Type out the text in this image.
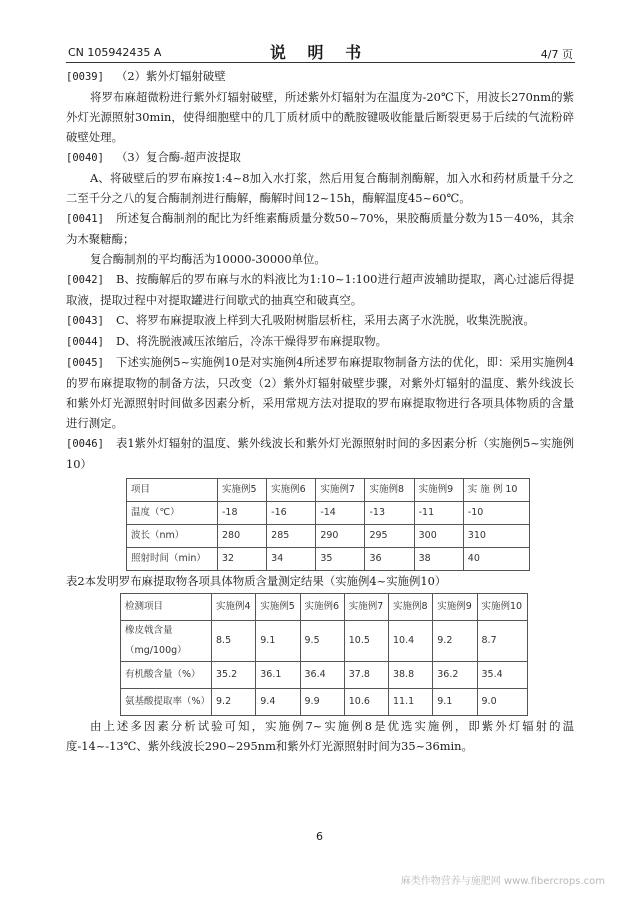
CN 105942435 A	说 明 书	4/7 页

[0039] （2）紫外灯辐射破壁

将罗布麻超微粉进行紫外灯辐射破壁，所述紫外灯辐射为在温度为-20℃下，用波长270nm的紫外灯光源照射30min，使得细胞壁中的几丁质材质中的酰胺键吸收能量后断裂更易于后续的气流粉碎破壁处理。

[0040] （3）复合酶-超声波提取

A、将破壁后的罗布麻按1:4~8加入水打浆，然后用复合酶制剂酶解，加入水和药材质量千分之二至千分之八的复合酶制剂进行酶解，酶解时间12~15h，酶解温度45~60℃。

[0041] 所述复合酶制剂的配比为纤维素酶质量分数50~70%，果胶酶质量分数为15－40%，其余为木聚糖酶；

复合酶制剂的平均酶活为10000-30000单位。

[0042] B、按酶解后的罗布麻与水的料液比为1:10~1:100进行超声波辅助提取，离心过滤后得提取液，提取过程中对提取罐进行间歇式的抽真空和破真空。

[0043] C、将罗布麻提取液上样到大孔吸附树脂层析柱，采用去离子水洗脱，收集洗脱液。

[0044] D、将洗脱液减压浓缩后，冷冻干燥得罗布麻提取物。

[0045] 下述实施例5~实施例10是对实施例4所述罗布麻提取物制备方法的优化，即：采用实施例4的罗布麻提取物的制备方法，只改变（2）紫外灯辐射破壁步骤，对紫外灯辐射的温度、紫外线波长和紫外灯光源照射时间做多因素分析，采用常规方法对提取的罗布麻提取物进行各项具体物质的含量进行测定。

[0046] 表1紫外灯辐射的温度、紫外线波长和紫外灯光源照射时间的多因素分析（实施例5~实施例10）

项目	实施例5	实施例6	实施例7	实施例8	实施例9	实 施 例 10
温度（℃）	-18	-16	-14	-13	-11	-10
波长（nm）	280	285	290	295	300	310
照射时间（min）	32	34	35	36	38	40

表2本发明罗布麻提取物各项具体物质含量测定结果（实施例4~实施例10）

检测项目	实施例4	实施例5	实施例6	实施例7	实施例8	实施例9	实施例10
橡皮戟含量（mg/100g）	8.5	9.1	9.5	10.5	10.4	9.2	8.7
有机酸含量（%）	35.2	36.1	36.4	37.8	38.8	36.2	35.4
氨基酸提取率（%）	9.2	9.4	9.9	10.6	11.1	9.1	9.0

由上述多因素分析试验可知，实施例7~实施例8是优选实施例，即紫外灯辐射的温度-14~-13℃、紫外线波长290~295nm和紫外灯光源照射时间为35~36min。

6
麻类作物营养与施肥网 www.fibercrops.com
